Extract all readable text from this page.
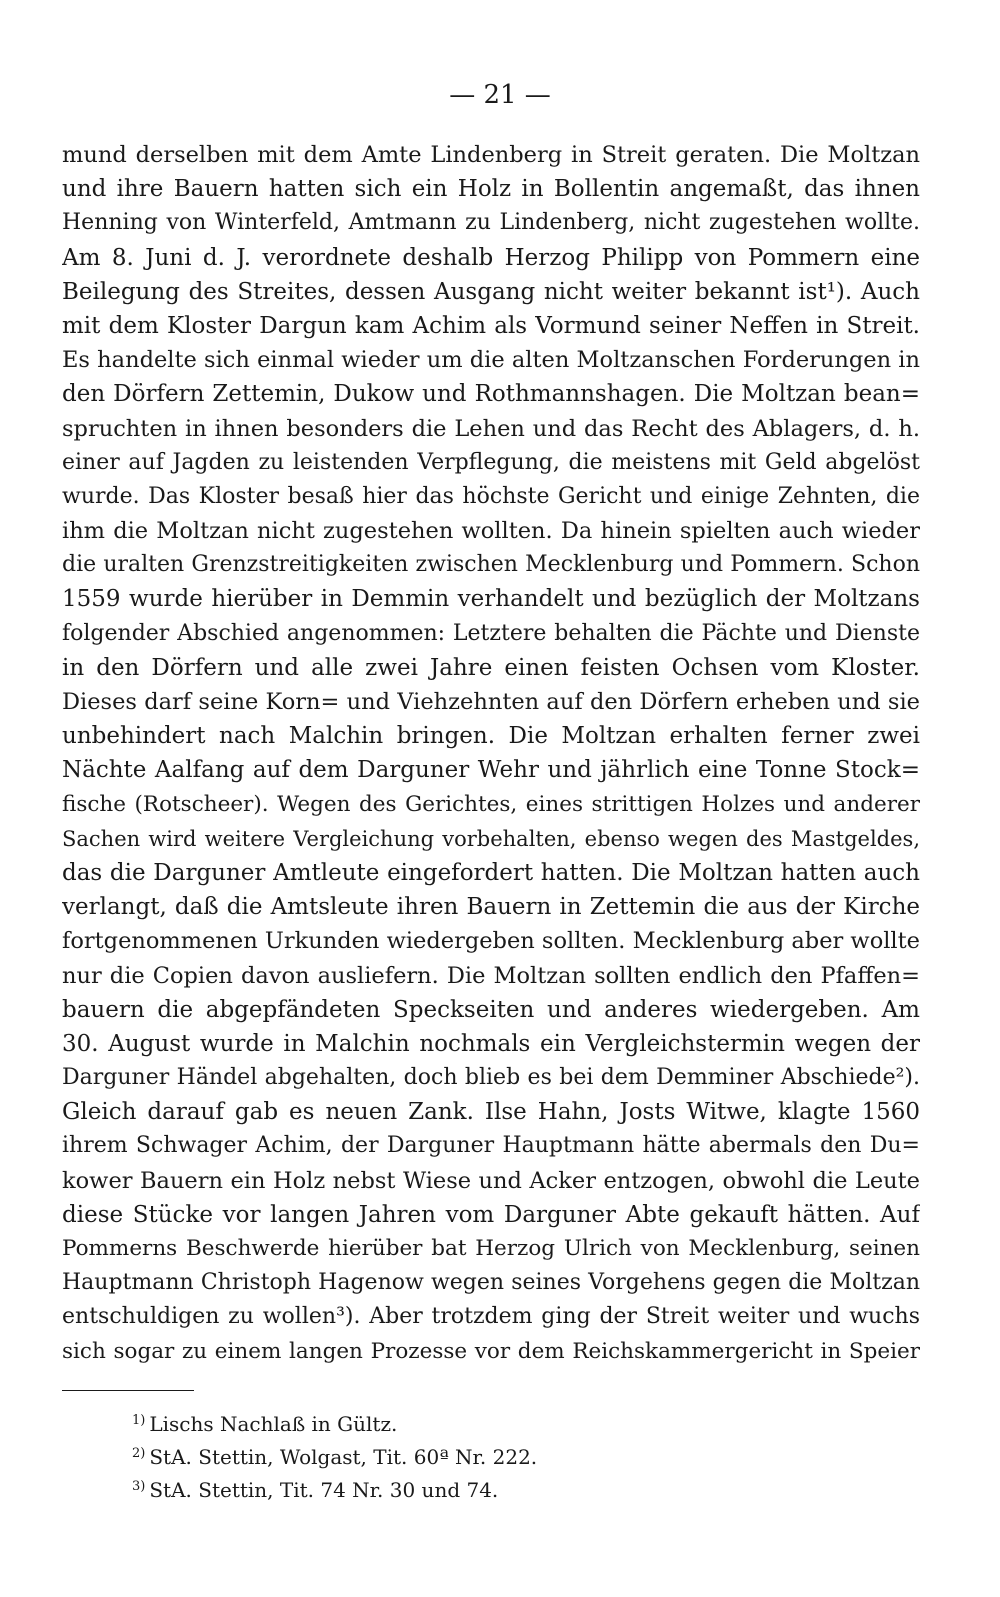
— 21 —
mund derselben mit dem Amte Lindenberg in Streit geraten. Die Moltzan
und ihre Bauern hatten sich ein Holz in Bollentin angemaßt, das ihnen
Henning von Winterfeld, Amtmann zu Lindenberg, nicht zugestehen wollte.
Am 8. Juni d. J. verordnete deshalb Herzog Philipp von Pommern eine
Beilegung des Streites, dessen Ausgang nicht weiter bekannt ist¹). Auch
mit dem Kloster Dargun kam Achim als Vormund seiner Neffen in Streit.
Es handelte sich einmal wieder um die alten Moltzanschen Forderungen in
den Dörfern Zettemin, Dukow und Rothmannshagen. Die Moltzan bean=
spruchten in ihnen besonders die Lehen und das Recht des Ablagers, d. h.
einer auf Jagden zu leistenden Verpflegung, die meistens mit Geld abgelöst
wurde. Das Kloster besaß hier das höchste Gericht und einige Zehnten, die
ihm die Moltzan nicht zugestehen wollten. Da hinein spielten auch wieder
die uralten Grenzstreitigkeiten zwischen Mecklenburg und Pommern. Schon
1559 wurde hierüber in Demmin verhandelt und bezüglich der Moltzans
folgender Abschied angenommen: Letztere behalten die Pächte und Dienste
in den Dörfern und alle zwei Jahre einen feisten Ochsen vom Kloster.
Dieses darf seine Korn= und Viehzehnten auf den Dörfern erheben und sie
unbehindert nach Malchin bringen. Die Moltzan erhalten ferner zwei
Nächte Aalfang auf dem Darguner Wehr und jährlich eine Tonne Stock=
fische (Rotscheer). Wegen des Gerichtes, eines strittigen Holzes und anderer
Sachen wird weitere Vergleichung vorbehalten, ebenso wegen des Mastgeldes,
das die Darguner Amtleute eingefordert hatten. Die Moltzan hatten auch
verlangt, daß die Amtsleute ihren Bauern in Zettemin die aus der Kirche
fortgenommenen Urkunden wiedergeben sollten. Mecklenburg aber wollte
nur die Copien davon ausliefern. Die Moltzan sollten endlich den Pfaffen=
bauern die abgepfändeten Speckseiten und anderes wiedergeben. Am
30. August wurde in Malchin nochmals ein Vergleichstermin wegen der
Darguner Händel abgehalten, doch blieb es bei dem Demminer Abschiede²).
Gleich darauf gab es neuen Zank. Ilse Hahn, Josts Witwe, klagte 1560
ihrem Schwager Achim, der Darguner Hauptmann hätte abermals den Du=
kower Bauern ein Holz nebst Wiese und Acker entzogen, obwohl die Leute
diese Stücke vor langen Jahren vom Darguner Abte gekauft hätten. Auf
Pommerns Beschwerde hierüber bat Herzog Ulrich von Mecklenburg, seinen
Hauptmann Christoph Hagenow wegen seines Vorgehens gegen die Moltzan
entschuldigen zu wollen³). Aber trotzdem ging der Streit weiter und wuchs
sich sogar zu einem langen Prozesse vor dem Reichskammergericht in Speier
$^{1)}$ Lischs Nachlaß in Gültz.
$^{2)}$ StA. Stettin, Wolgast, Tit. 60ª Nr. 222.
$^{3)}$ StA. Stettin, Tit. 74 Nr. 30 und 74.
